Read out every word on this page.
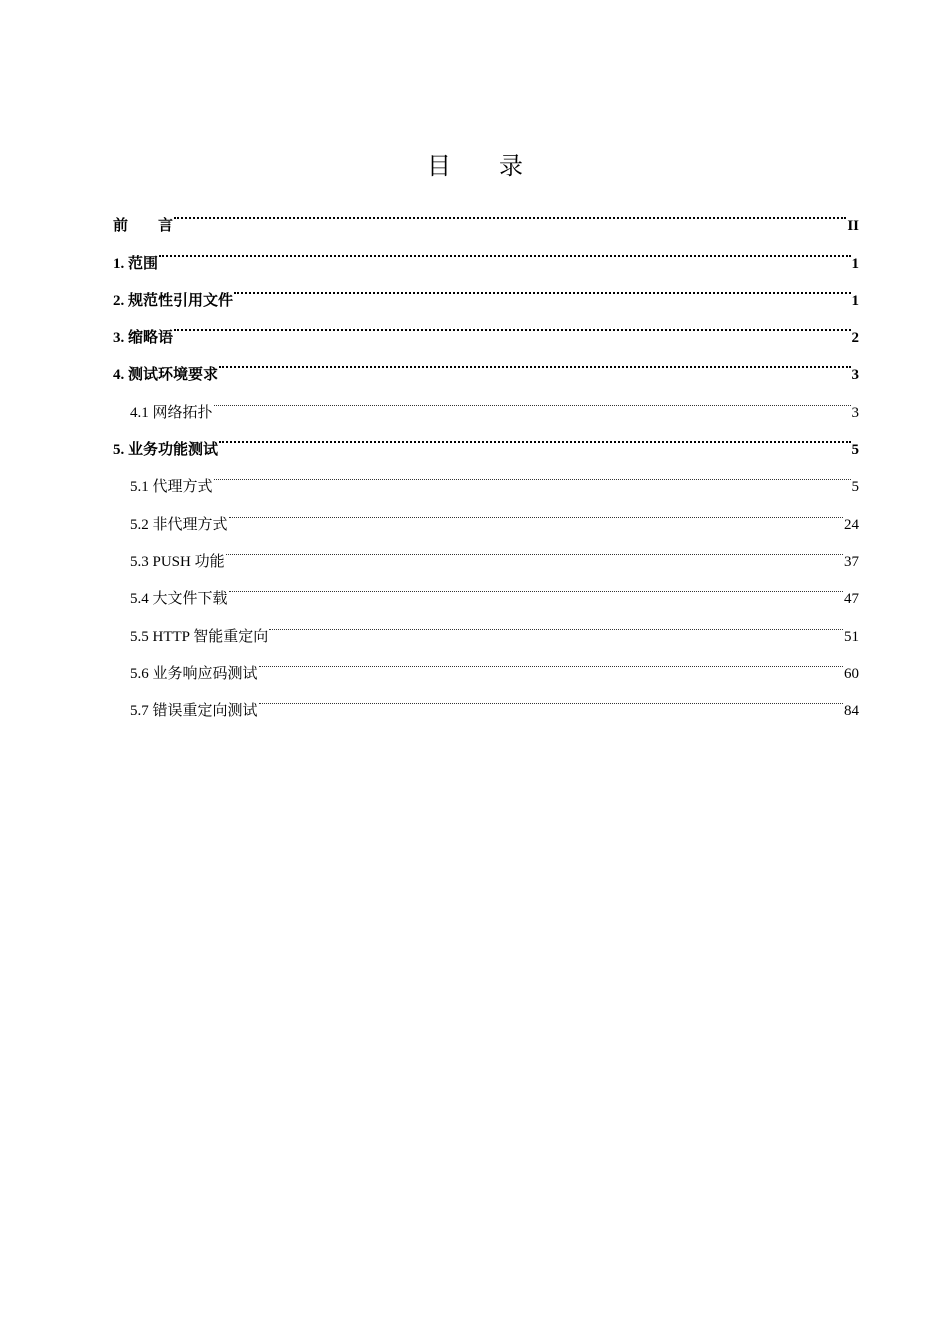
目　　录
前　　言	II
1. 范围	1
2. 规范性引用文件	1
3. 缩略语	2
4. 测试环境要求	3
4.1 网络拓扑	3
5. 业务功能测试	5
5.1 代理方式	5
5.2 非代理方式	24
5.3 PUSH 功能	37
5.4 大文件下载	47
5.5 HTTP 智能重定向	51
5.6 业务响应码测试	60
5.7 错误重定向测试	84
